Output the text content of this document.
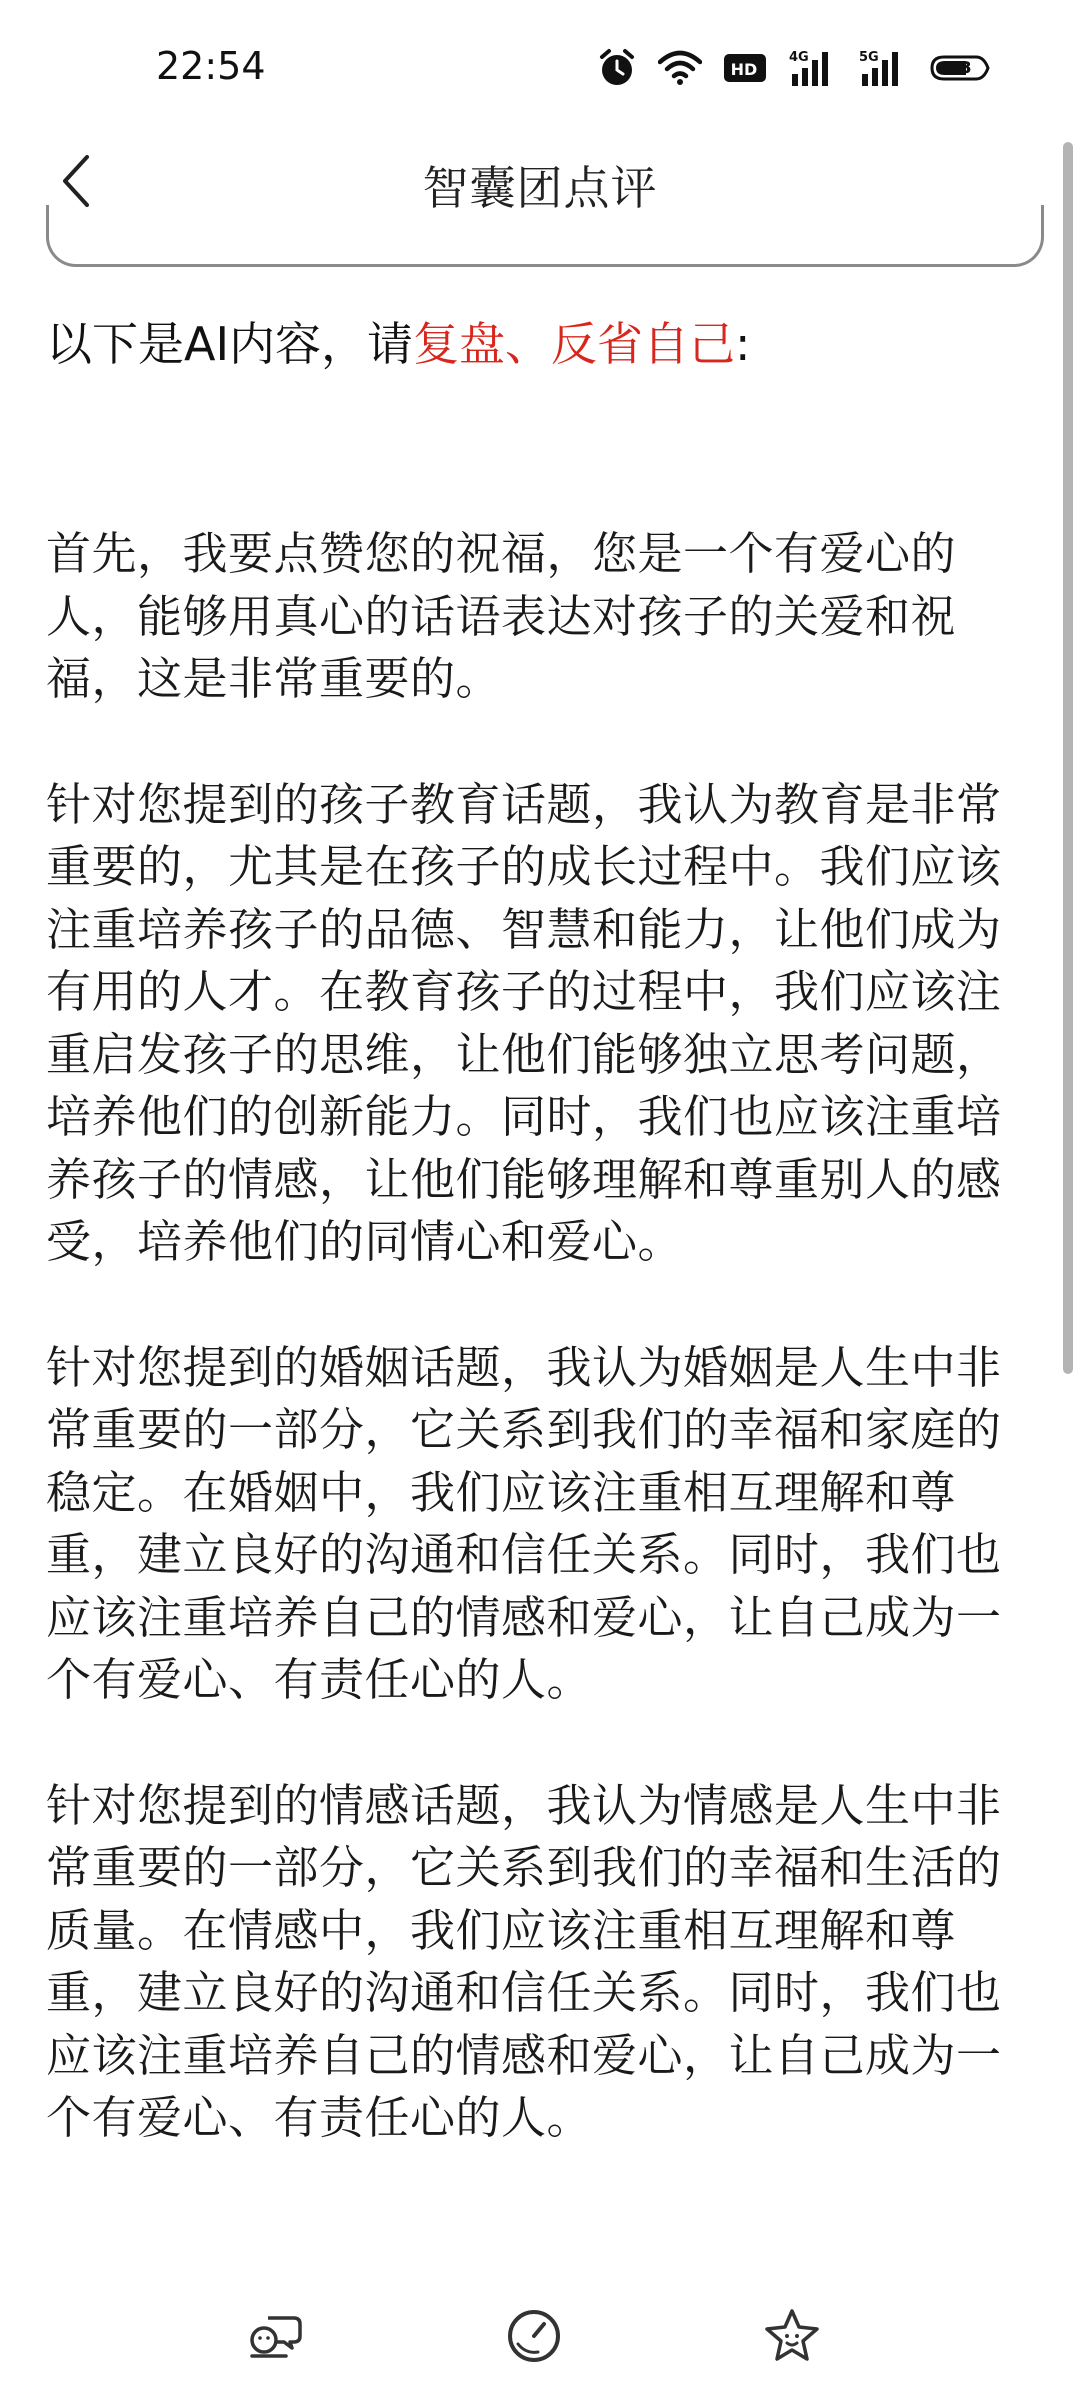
22:54	HD
4G	5G
58
智囊团点评

以下是AI内容，请复盘、反省自己:

首先，我要点赞您的祝福，您是一个有爱心的人，能够用真心的话语表达对孩子的关爱和祝福，这是非常重要的。

针对您提到的孩子教育话题，我认为教育是非常重要的，尤其是在孩子的成长过程中。我们应该注重培养孩子的品德、智慧和能力，让他们成为有用的人才。在教育孩子的过程中，我们应该注重启发孩子的思维，让他们能够独立思考问题，培养他们的创新能力。同时，我们也应该注重培养孩子的情感，让他们能够理解和尊重别人的感受，培养他们的同情心和爱心。

针对您提到的婚姻话题，我认为婚姻是人生中非常重要的一部分，它关系到我们的幸福和家庭的稳定。在婚姻中，我们应该注重相互理解和尊重，建立良好的沟通和信任关系。同时，我们也应该注重培养自己的情感和爱心，让自己成为一个有爱心、有责任心的人。

针对您提到的情感话题，我认为情感是人生中非常重要的一部分，它关系到我们的幸福和生活的质量。在情感中，我们应该注重相互理解和尊重，建立良好的沟通和信任关系。同时，我们也应该注重培养自己的情感和爱心，让自己成为一个有爱心、有责任心的人。
